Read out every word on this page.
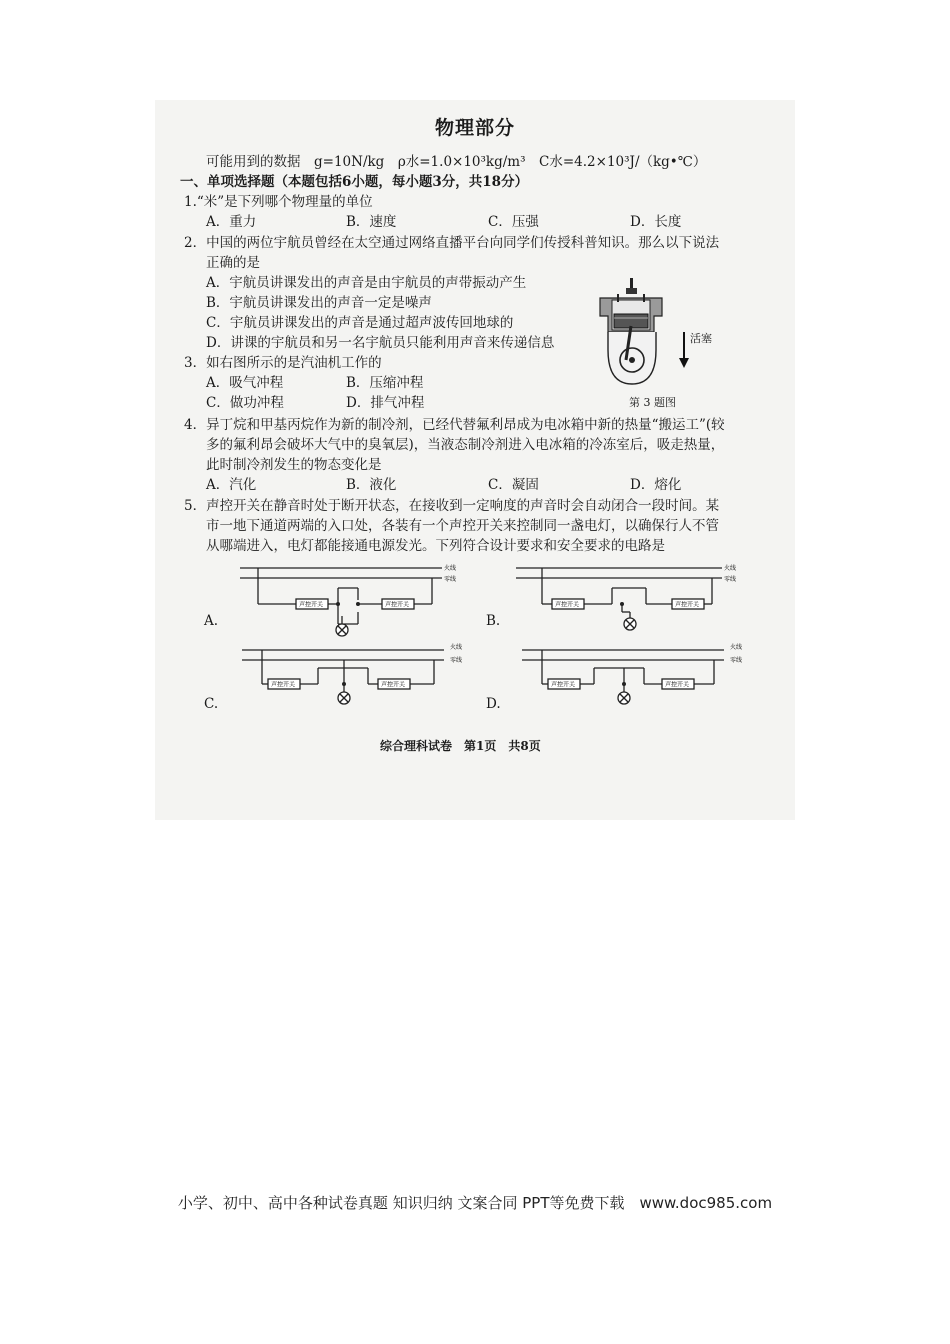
物理部分
可能用到的数据　g=10N/kg　ρ水=1.0×10³kg/m³　C水=4.2×10³J/（kg•℃）
一、单项选择题（本题包括6小题，每小题3分，共18分）
1.“米”是下列哪个物理量的单位
A．重力	B．速度	C．压强	D．长度
2．中国的两位宇航员曾经在太空通过网络直播平台向同学们传授科普知识。那么以下说法
正确的是
A．宇航员讲课发出的声音是由宇航员的声带振动产生
B．宇航员讲课发出的声音一定是噪声
C．宇航员讲课发出的声音是通过超声波传回地球的
D．讲课的宇航员和另一名宇航员只能利用声音来传递信息
3．如右图所示的是汽油机工作的
A．吸气冲程	B．压缩冲程
C．做功冲程	D．排气冲程
活塞
第 3 题图
4．异丁烷和甲基丙烷作为新的制冷剂，已经代替氟利昂成为电冰箱中新的热量“搬运工”(较
多的氟利昂会破坏大气中的臭氧层)，当液态制冷剂进入电冰箱的冷冻室后，吸走热量，
此时制冷剂发生的物态变化是
A．汽化	B．液化	C．凝固	D．熔化
5．声控开关在静音时处于断开状态，在接收到一定响度的声音时会自动闭合一段时间。某
市一地下通道两端的入口处，各装有一个声控开关来控制同一盏电灯，以确保行人不管
从哪端进入，电灯都能接通电源发光。下列符合设计要求和安全要求的电路是
火线
零线
声控开关	声控开关
A.
火线
零线
声控开关	声控开关
B.
火线
零线
声控开关	声控开关
C.
火线
零线
声控开关	声控开关
D.
综合理科试卷　第1页　共8页
小学、初中、高中各种试卷真题 知识归纳 文案合同 PPT等免费下载　www.doc985.com
